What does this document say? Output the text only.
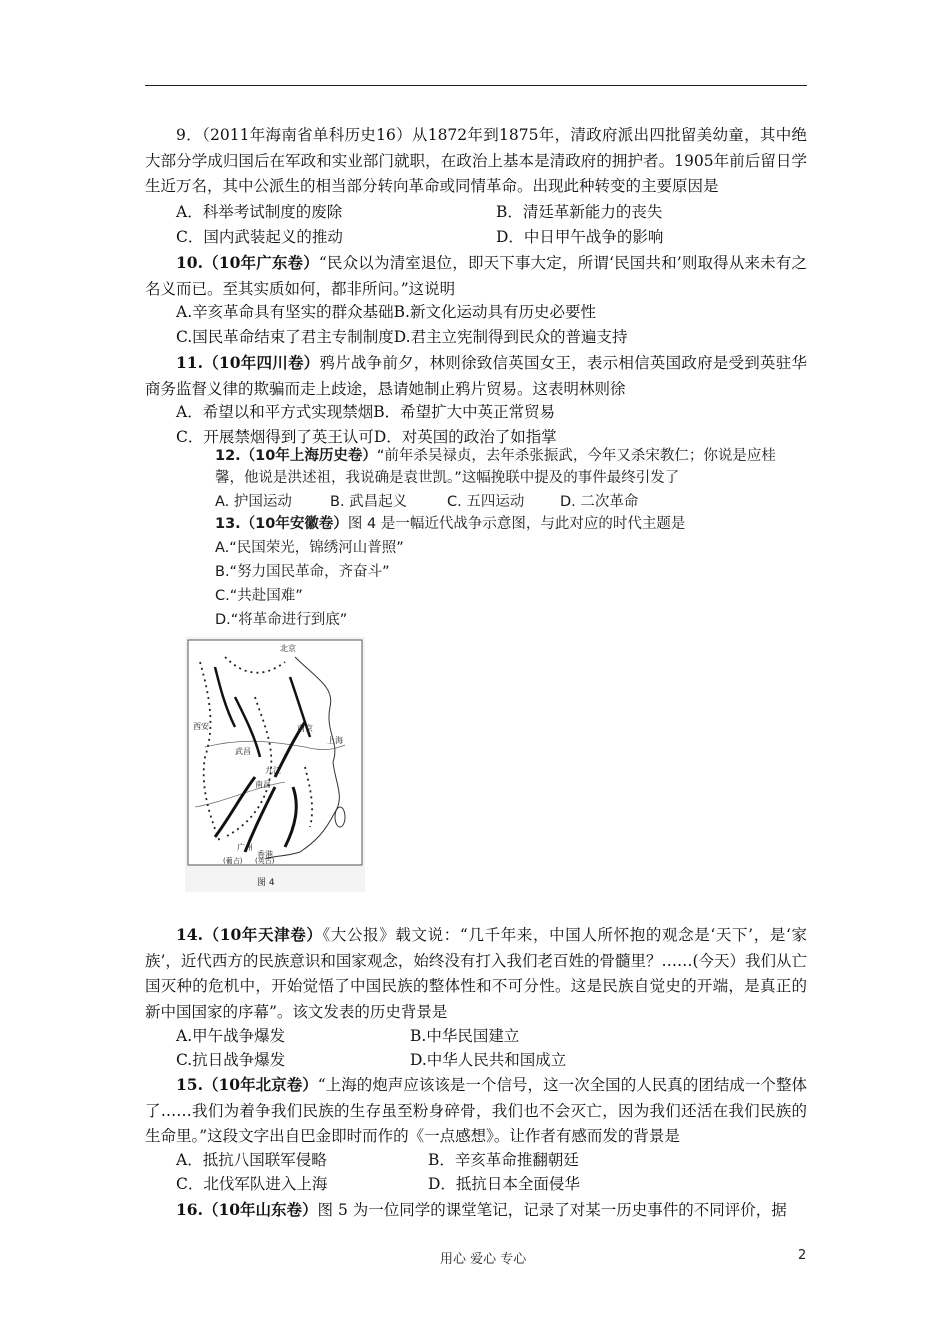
9．（2011年海南省单科历史16）从1872年到1875年，清政府派出四批留美幼童，其中绝大部分学成归国后在军政和实业部门就职，在政治上基本是清政府的拥护者。1905年前后留日学生近万名，其中公派生的相当部分转向革命或同情革命。出现此种转变的主要原因是
A．科举考试制度的废除	B．清廷革新能力的丧失
C．国内武装起义的推动	D．中日甲午战争的影响
10.（10年广东卷）“民众以为清室退位，即天下事大定，所谓‘民国共和’则取得从来未有之名义而已。至其实质如何，都非所问。”这说明
A.辛亥革命具有坚实的群众基础B.新文化运动具有历史必要性
C.国民革命结束了君主专制制度D.君主立宪制得到民众的普遍支持
11.（10年四川卷）鸦片战争前夕，林则徐致信英国女王，表示相信英国政府是受到英驻华商务监督义律的欺骗而走上歧途，恳请她制止鸦片贸易。这表明林则徐
A．希望以和平方式实现禁烟B．希望扩大中英正常贸易
C．开展禁烟得到了英王认可D．对英国的政治了如指掌
12.（10年上海历史卷）“前年杀吴禄贞，去年杀张振武，今年又杀宋教仁；你说是应桂
馨，他说是洪述祖，我说确是袁世凯。”这幅挽联中提及的事件最终引发了
A. 护国运动	B. 武昌起义	C. 五四运动 D. 二次革命
13.（10年安徽卷）图 4 是一幅近代战争示意图，与此对应的时代主题是
A.“民国荣光，锦绣河山普照”
B.“努力国民革命，齐奋斗”
C.“共赴国难”
D.“将革命进行到底”
北京
西安
武昌
南京
九江
南昌
上海
广州
香港
(葡占) (英占)
图 4
14.（10年天津卷）《大公报》载文说：“几千年来，中国人所怀抱的观念是‘天下’，是‘家族’，近代西方的民族意识和国家观念，始终没有打入我们老百姓的骨髓里？……(今天）我们从亡国灭种的危机中，开始觉悟了中国民族的整体性和不可分性。这是民族自觉史的开端，是真正的新中国国家的序幕”。该文发表的历史背景是
A.甲午战争爆发	B.中华民国建立
C.抗日战争爆发	D.中华人民共和国成立
15.（10年北京卷）“上海的炮声应该该是一个信号，这一次全国的人民真的团结成一个整体了……我们为着争我们民族的生存虽至粉身碎骨，我们也不会灭亡，因为我们还活在我们民族的生命里。”这段文字出自巴金即时而作的《一点感想》。让作者有感而发的背景是
A．抵抗八国联军侵略	B．辛亥革命推翻朝廷
C．北伐军队进入上海	D．抵抗日本全面侵华
16.（10年山东卷）图 5 为一位同学的课堂笔记，记录了对某一历史事件的不同评价，据
用心 爱心 专心	2
